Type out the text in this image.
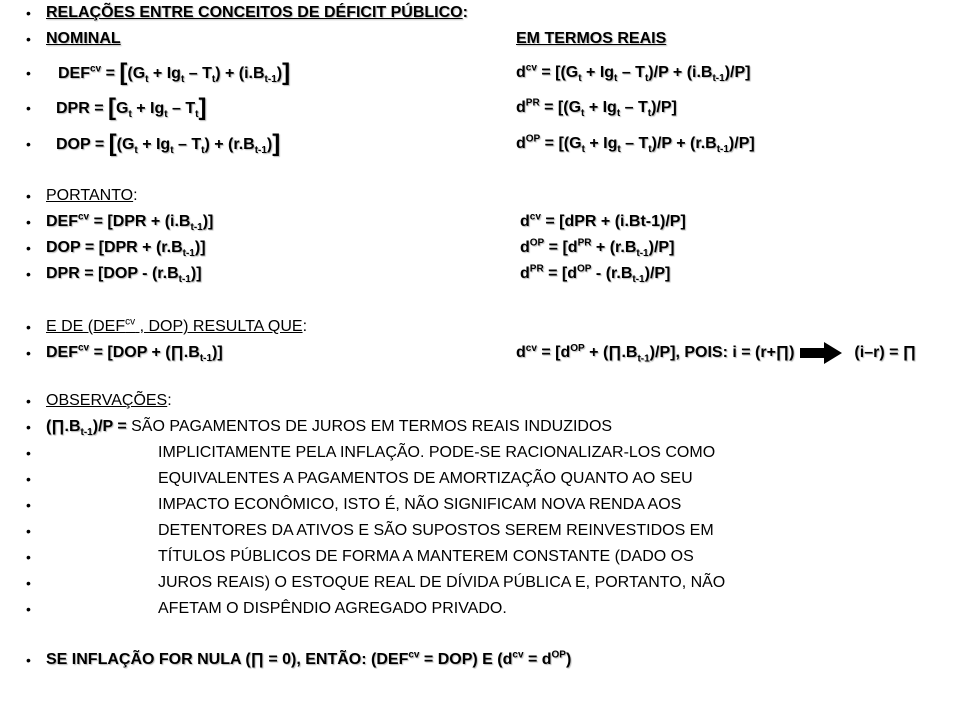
• RELAÇÕES ENTRE CONCEITOS DE DÉFICIT PÚBLICO:
• NOMINAL	EM TERMOS REAIS
• $DEF^{cv} = [(G_t + Ig_t - T_t) + (i.B_{t-1})]$	$d^{cv} = [(G_t + Ig_t - T_t)/P + (i.B_{t-1})/P]$
• DPR = $[G_t + Ig_t - T_t]$	$d^{PR} = [(G_t + Ig_t - T_t)/P]$
• DOP = $[(G_t + Ig_t - T_t) + (r.B_{t-1})]$	$d^{OP} = [(G_t + Ig_t - T_t)/P + (r.B_{t-1})/P]$
• PORTANTO:
• $DEF^{cv} = [DPR + (i.B_{t-1})]$	$d^{cv} = [dPR + (i.Bt-1)/P]$
• DOP = $[DPR + (r.B_{t-1})]$	$d^{OP} = [d^{PR} + (r.B_{t-1})/P]$
• DPR = $[DOP - (r.B_{t-1})]$	$d^{PR} = [d^{OP} - (r.B_{t-1})/P]$
• E DE ($DEF^{cv}$ , DOP) RESULTA QUE:
• $DEF^{cv} = [DOP$ + $(\prod.B_{t-1})$]	$d^{cv} = [d^{OP}$ + $(\prod.B_{t-1})/P$], POIS: i = (r+∏)	(i–r) = ∏
• OBSERVAÇÕES:
• $(\prod.B_{t-1})/P$ = SÃO PAGAMENTOS DE JUROS EM TERMOS REAIS INDUZIDOS
•	IMPLICITAMENTE PELA INFLAÇÃO. PODE-SE RACIONALIZAR-LOS COMO
•	EQUIVALENTES A PAGAMENTOS DE AMORTIZAÇÃO QUANTO AO SEU
•	IMPACTO ECONÔMICO, ISTO É, NÃO SIGNIFICAM NOVA RENDA AOS
•	DETENTORES DA ATIVOS E SÃO SUPOSTOS SEREM REINVESTIDOS EM
•	TÍTULOS PÚBLICOS DE FORMA A MANTEREM CONSTANTE (DADO OS
•	JUROS REAIS) O ESTOQUE REAL DE DÍVIDA PÚBLICA E, PORTANTO, NÃO
•	AFETAM O DISPÊNDIO AGREGADO PRIVADO.
• SE INFLAÇÃO FOR NULA (∏ = 0), ENTÃO: $(DEF^{cv} = DOP)$ E $(d^{cv} = d^{OP})$
